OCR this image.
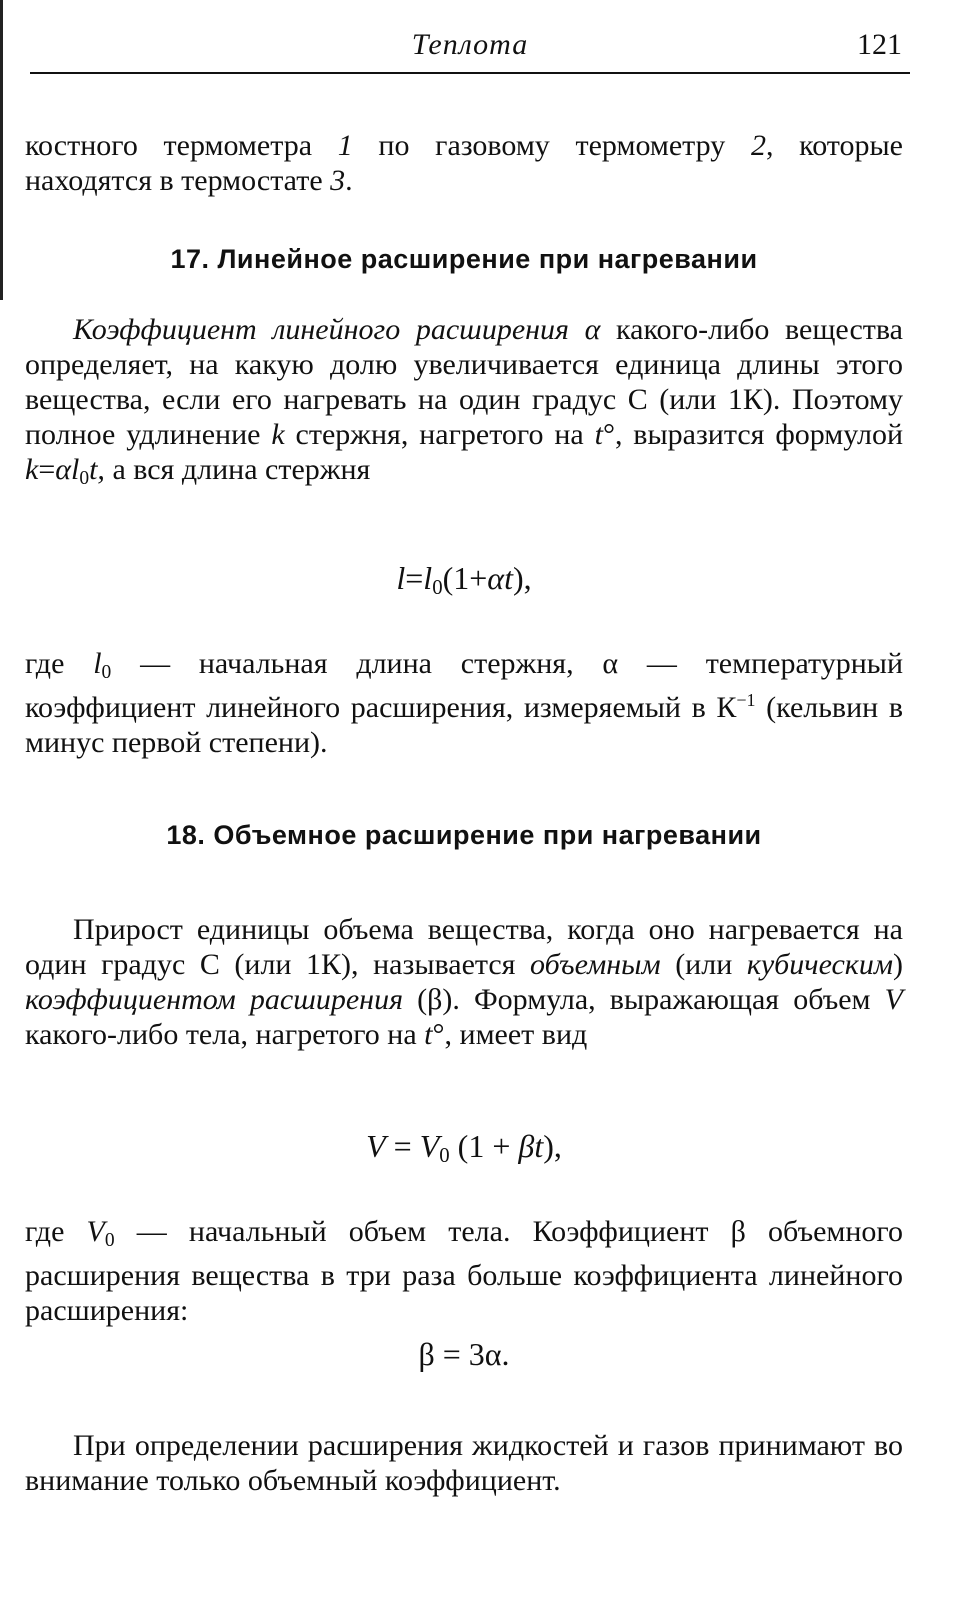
Теплота	121

костного термометра 1 по газовому термометру 2, которые находятся в термостате 3.

17. Линейное расширение при нагревании

Коэффициент линейного расширения α какого-либо вещества определяет, на какую долю увеличивается единица длины этого вещества, если его нагревать на один градус С (или 1К). Поэтому полное удлинение k стержня, нагретого на t°, выразится формулой $k=\alpha l_0t$, а вся длина стержня

$l=l_0(1+\alpha t)$,

где $l_0$ — начальная длина стержня, α — температурный коэффициент линейного расширения, измеряемый в $К^{-1}$ (кельвин в минус первой степени).

18. Объемное расширение при нагревании

Прирост единицы объема вещества, когда оно нагревается на один градус С (или 1К), называется объемным (или кубическим) коэффициентом расширения (β). Формула, выражающая объем V какого-либо тела, нагретого на t°, имеет вид

$V = V_0$ (1 + βt),

где $V_0$ — начальный объем тела. Коэффициент β объемного расширения вещества в три раза больше коэффициента линейного расширения:

β = 3α.

При определении расширения жидкостей и газов принимают во внимание только объемный коэффициент.
